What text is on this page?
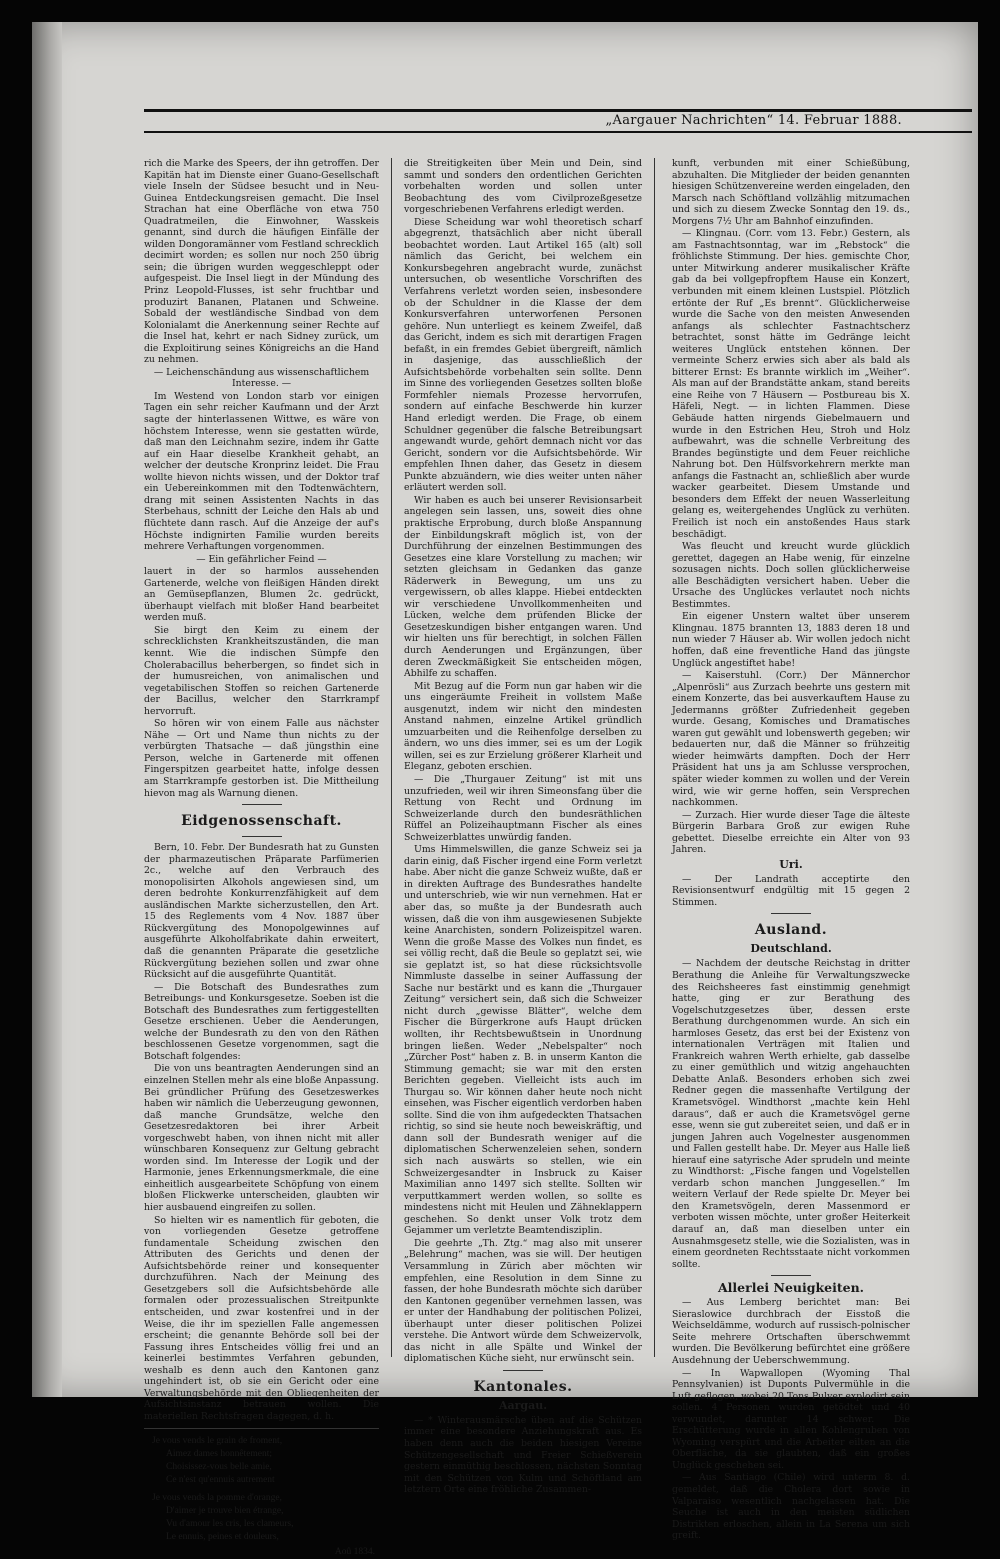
„Aargauer Nachrichten“ 14. Februar 1888.

rich die Marke des Speers, der ihn getroffen. Der Kapitän hat im Dienste einer Guano-Gesellschaft viele Inseln der Südsee besucht und in Neu-Guinea Entdeckungsreisen gemacht. Die Insel Strachan hat eine Oberfläche von etwa 750 Quadratmeilen, die Einwohner, Wasskeis genannt, sind durch die häufigen Einfälle der wilden Dongoramänner vom Festland schrecklich decimirt worden; es sollen nur noch 250 übrig sein; die übrigen wurden weggeschleppt oder aufgespeist. Die Insel liegt in der Mündung des Prinz Leopold-Flusses, ist sehr fruchtbar und produzirt Bananen, Platanen und Schweine. Sobald der westländische Sindbad von dem Kolonialamt die Anerkennung seiner Rechte auf die Insel hat, kehrt er nach Sidney zurück, um die Exploitirung seines Königreichs an die Hand zu nehmen.

— Leichenschändung aus wissenschaftlichem Interesse. —

Im Westend von London starb vor einigen Tagen ein sehr reicher Kaufmann und der Arzt sagte der hinterlassenen Wittwe, es wäre von höchstem Interesse, wenn sie gestatten würde, daß man den Leichnahm sezire, indem ihr Gatte auf ein Haar dieselbe Krankheit gehabt, an welcher der deutsche Kronprinz leidet. Die Frau wollte hievon nichts wissen, und der Doktor traf ein Uebereinkommen mit den Todtenwächtern, drang mit seinen Assistenten Nachts in das Sterbehaus, schnitt der Leiche den Hals ab und flüchtete dann rasch. Auf die Anzeige der auf's Höchste indignirten Familie wurden bereits mehrere Verhaftungen vorgenommen.

— Ein gefährlicher Feind —

lauert in der so harmlos aussehenden Gartenerde, welche von fleißigen Händen direkt an Gemüsepflanzen, Blumen 2c. gedrückt, überhaupt vielfach mit bloßer Hand bearbeitet werden muß.

Sie birgt den Keim zu einem der schrecklichsten Krankheitszuständen, die man kennt. Wie die indischen Sümpfe den Cholerabacillus beherbergen, so findet sich in der humusreichen, von animalischen und vegetabilischen Stoffen so reichen Gartenerde der Bacillus, welcher den Starrkrampf hervorruft.

So hören wir von einem Falle aus nächster Nähe — Ort und Name thun nichts zu der verbürgten Thatsache — daß jüngsthin eine Person, welche in Gartenerde mit offenen Fingerspitzen gearbeitet hatte, infolge dessen am Starrkrampfe gestorben ist. Die Mittheilung hievon mag als Warnung dienen.

Eidgenossenschaft.

Bern, 10. Febr. Der Bundesrath hat zu Gunsten der pharmazeutischen Präparate Parfümerien 2c., welche auf den Verbrauch des monopolisirten Alkohols angewiesen sind, um deren bedrohte Konkurrenzfähigkeit auf dem ausländischen Markte sicherzustellen, den Art. 15 des Reglements vom 4 Nov. 1887 über Rückvergütung des Monopolgewinnes auf ausgeführte Alkoholfabrikate dahin erweitert, daß die genannten Präparate die gesetzliche Rückvergütung beziehen sollen und zwar ohne Rücksicht auf die ausgeführte Quantität.

— Die Botschaft des Bundesrathes zum Betreibungs- und Konkursgesetze. Soeben ist die Botschaft des Bundesrathes zum fertiggestellten Gesetze erschienen. Ueber die Aenderungen, welche der Bundesrath zu den von den Räthen beschlossenen Gesetze vorgenommen, sagt die Botschaft folgendes:

Die von uns beantragten Aenderungen sind an einzelnen Stellen mehr als eine bloße Anpassung. Bei gründlicher Prüfung des Gesetzeswerkes haben wir nämlich die Ueberzeugung gewonnen, daß manche Grundsätze, welche den Gesetzesredaktoren bei ihrer Arbeit vorgeschwebt haben, von ihnen nicht mit aller wünschbaren Konsequenz zur Geltung gebracht worden sind. Im Interesse der Logik und der Harmonie, jenes Erkennungsmerkmale, die eine einheitlich ausgearbeitete Schöpfung von einem bloßen Flickwerke unterscheiden, glaubten wir hier ausbauend eingreifen zu sollen.

So hielten wir es namentlich für geboten, die von vorliegenden Gesetze getroffene fundamentale Scheidung zwischen den Attributen des Gerichts und denen der Aufsichtsbehörde reiner und konsequenter durchzuführen. Nach der Meinung des Gesetzgebers soll die Aufsichtsbehörde alle formalen oder prozessualischen Streitpunkte entscheiden, und zwar kostenfrei und in der Weise, die ihr im speziellen Falle angemessen erscheint; die genannte Behörde soll bei der Fassung ihres Entscheides völlig frei und an keinerlei bestimmtes Verfahren gebunden, weshalb es denn auch den Kantonen ganz ungehindert ist, ob sie ein Gericht oder eine Verwaltungsbehörde mit den Obliegenheiten der Aufsichtsinstanz betrauen wollen. Die materiellen Rechtsfragen dagegen, d. h.

Je vous vends le grain de froment,
Aimez dames honnêtement;
Choisissez-vous belle amie,
Ce n'est qu'ennuis autrement
Je vous vends la pomme d'orange,
D'aimer je trouve bien étrange,
Vu d'amour les cris, les clameurs,
Le ennuis, peines et douleurs,
Aoû 1834.

die Streitigkeiten über Mein und Dein, sind sammt und sonders den ordentlichen Gerichten vorbehalten worden und sollen unter Beobachtung des vom Civilprozeßgesetze vorgeschriebenen Verfahrens erledigt werden.

Diese Scheidung war wohl theoretisch scharf abgegrenzt, thatsächlich aber nicht überall beobachtet worden. Laut Artikel 165 (alt) soll nämlich das Gericht, bei welchem ein Konkursbegehren angebracht wurde, zunächst untersuchen, ob wesentliche Vorschriften des Verfahrens verletzt worden seien, insbesondere ob der Schuldner in die Klasse der dem Konkursverfahren unterworfenen Personen gehöre. Nun unterliegt es keinem Zweifel, daß das Gericht, indem es sich mit derartigen Fragen befaßt, in ein fremdes Gebiet übergreift, nämlich in dasjenige, das ausschließlich der Aufsichtsbehörde vorbehalten sein sollte. Denn im Sinne des vorliegenden Gesetzes sollten bloße Formfehler niemals Prozesse hervorrufen, sondern auf einfache Beschwerde hin kurzer Hand erledigt werden. Die Frage, ob einem Schuldner gegenüber die falsche Betreibungsart angewandt wurde, gehört demnach nicht vor das Gericht, sondern vor die Aufsichtsbehörde. Wir empfehlen Ihnen daher, das Gesetz in diesem Punkte abzuändern, wie dies weiter unten näher erläutert werden soll.

Wir haben es auch bei unserer Revisionsarbeit angelegen sein lassen, uns, soweit dies ohne praktische Erprobung, durch bloße Anspannung der Einbildungskraft möglich ist, von der Durchführung der einzelnen Bestimmungen des Gesetzes eine klare Vorstellung zu machen; wir setzten gleichsam in Gedanken das ganze Räderwerk in Bewegung, um uns zu vergewissern, ob alles klappe. Hiebei entdeckten wir verschiedene Unvollkommenheiten und Lücken, welche dem prüfenden Blicke der Gesetzeskundigen bisher entgangen waren. Und wir hielten uns für berechtigt, in solchen Fällen durch Aenderungen und Ergänzungen, über deren Zweckmäßigkeit Sie entscheiden mögen, Abhilfe zu schaffen.

Mit Bezug auf die Form nun gar haben wir die uns eingeräumte Freiheit in vollstem Maße ausgenutzt, indem wir nicht den mindesten Anstand nahmen, einzelne Artikel gründlich umzuarbeiten und die Reihenfolge derselben zu ändern, wo uns dies immer, sei es um der Logik willen, sei es zur Erzielung größerer Klarheit und Eleganz, geboten erschien.

— Die „Thurgauer Zeitung“ ist mit uns unzufrieden, weil wir ihren Simeonsfang über die Rettung von Recht und Ordnung im Schweizerlande durch den bundesräthlichen Rüffel an Polizeihauptmann Fischer als eines Schweizerblattes unwürdig fanden.

Ums Himmelswillen, die ganze Schweiz sei ja darin einig, daß Fischer irgend eine Form verletzt habe. Aber nicht die ganze Schweiz wußte, daß er in direkten Auftrage des Bundesrathes handelte und unterschrieb, wie wir nun vernehmen. Hat er aber das, so mußte ja der Bundesrath auch wissen, daß die von ihm ausgewiesenen Subjekte keine Anarchisten, sondern Polizeispitzel waren. Wenn die große Masse des Volkes nun findet, es sei völlig recht, daß die Beule so geplatzt sei, wie sie geplatzt ist, so hat diese rücksichtsvolle Nimmluste dasselbe in seiner Auffassung der Sache nur bestärkt und es kann die „Thurgauer Zeitung“ versichert sein, daß sich die Schweizer nicht durch „gewisse Blätter“, welche dem Fischer die Bürgerkrone aufs Haupt drücken wollten, ihr Rechtsbewußtsein in Unordnung bringen ließen. Weder „Nebelspalter“ noch „Zürcher Post“ haben z. B. in unserm Kanton die Stimmung gemacht; sie war mit den ersten Berichten gegeben. Vielleicht ists auch im Thurgau so. Wir können daher heute noch nicht einsehen, was Fischer eigentlich verdorben haben sollte. Sind die von ihm aufgedeckten Thatsachen richtig, so sind sie heute noch beweiskräftig, und dann soll der Bundesrath weniger auf die diplomatischen Scherwenzeleien sehen, sondern sich nach auswärts so stellen, wie ein Schweizergesandter in Insbruck zu Kaiser Maximilian anno 1497 sich stellte. Sollten wir verputtkammert werden wollen, so sollte es mindestens nicht mit Heulen und Zähneklappern geschehen. So denkt unser Volk trotz dem Gejammer um verletzte Beamtendisziplin.

Die geehrte „Th. Ztg.“ mag also mit unserer „Belehrung“ machen, was sie will. Der heutigen Versammlung in Zürich aber möchten wir empfehlen, eine Resolution in dem Sinne zu fassen, der hohe Bundesrath möchte sich darüber den Kantonen gegenüber vernehmen lassen, was er unter der Handhabung der politischen Polizei, überhaupt unter dieser politischen Polizei verstehe. Die Antwort würde dem Schweizervolk, das nicht in alle Spälte und Winkel der diplomatischen Küche sieht, nur erwünscht sein.

Kantonales.
Aargau.

— * Winterausmärsche üben auf die Schützen immer eine besondere Anziehungskraft aus. Es haben denn auch die beiden hiesigen Vereine Schützengesellschaft und Freier Schießverein gestern einmüthig beschlossen, nächsten Sonntag mit den Schützen von Kulm und Schöftland am letztern Orte eine fröhliche Zusammen-

kunft, verbunden mit einer Schießübung, abzuhalten. Die Mitglieder der beiden genannten hiesigen Schützenvereine werden eingeladen, den Marsch nach Schöftland vollzählig mitzumachen und sich zu diesem Zwecke Sonntag den 19. ds., Morgens 7½ Uhr am Bahnhof einzufinden.

— Klingnau. (Corr. vom 13. Febr.) Gestern, als am Fastnachtsonntag, war im „Rebstock“ die fröhlichste Stimmung. Der hies. gemischte Chor, unter Mitwirkung anderer musikalischer Kräfte gab da bei vollgepfropftem Hause ein Konzert, verbunden mit einem kleinen Lustspiel. Plötzlich ertönte der Ruf „Es brennt“. Glücklicherweise wurde die Sache von den meisten Anwesenden anfangs als schlechter Fastnachtscherz betrachtet, sonst hätte im Gedränge leicht weiteres Unglück entstehen können. Der vermeinte Scherz erwies sich aber als bald als bitterer Ernst: Es brannte wirklich im „Weiher“. Als man auf der Brandstätte ankam, stand bereits eine Reihe von 7 Häusern — Postbureau bis X. Häfeli, Negt. — in lichten Flammen. Diese Gebäude hatten nirgends Giebelmauern und wurde in den Estrichen Heu, Stroh und Holz aufbewahrt, was die schnelle Verbreitung des Brandes begünstigte und dem Feuer reichliche Nahrung bot. Den Hülfsvorkehrern merkte man anfangs die Fastnacht an, schließlich aber wurde wacker gearbeitet. Diesem Umstande und besonders dem Effekt der neuen Wasserleitung gelang es, weitergehendes Unglück zu verhüten. Freilich ist noch ein anstoßendes Haus stark beschädigt.

Was fleucht und kreucht wurde glücklich gerettet, dagegen an Habe wenig, für einzelne sozusagen nichts. Doch sollen glücklicherweise alle Beschädigten versichert haben. Ueber die Ursache des Unglückes verlautet noch nichts Bestimmtes.

Ein eigener Unstern waltet über unserem Klingnau. 1875 brannten 13, 1883 deren 18 und nun wieder 7 Häuser ab. Wir wollen jedoch nicht hoffen, daß eine freventliche Hand das jüngste Unglück angestiftet habe!

— Kaiserstuhl. (Corr.) Der Männerchor „Alpenrösli“ aus Zurzach beehrte uns gestern mit einem Konzerte, das bei ausverkauftem Hause zu Jedermanns größter Zufriedenheit gegeben wurde. Gesang, Komisches und Dramatisches waren gut gewählt und lobenswerth gegeben; wir bedauerten nur, daß die Männer so frühzeitig wieder heimwärts dampften. Doch der Herr Präsident hat uns ja am Schlusse versprochen, später wieder kommen zu wollen und der Verein wird, wie wir gerne hoffen, sein Versprechen nachkommen.

— Zurzach. Hier wurde dieser Tage die älteste Bürgerin Barbara Groß zur ewigen Ruhe gebettet. Dieselbe erreichte ein Alter von 93 Jahren.

Uri.

— Der Landrath acceptirte den Revisionsentwurf endgültig mit 15 gegen 2 Stimmen.

Ausland.
Deutschland.

— Nachdem der deutsche Reichstag in dritter Berathung die Anleihe für Verwaltungszwecke des Reichsheeres fast einstimmig genehmigt hatte, ging er zur Berathung des Vogelschutzgesetzes über, dessen erste Berathung durchgenommen wurde. An sich ein harmloses Gesetz, das erst bei der Existenz von internationalen Verträgen mit Italien und Frankreich wahren Werth erhielte, gab dasselbe zu einer gemüthlich und witzig angehauchten Debatte Anlaß. Besonders erhoben sich zwei Redner gegen die massenhafte Vertilgung der Krametsvögel. Windthorst „machte kein Hehl daraus“, daß er auch die Krametsvögel gerne esse, wenn sie gut zubereitet seien, und daß er in jungen Jahren auch Vogelnester ausgenommen und Fallen gestellt habe. Dr. Meyer aus Halle ließ hierauf eine satyrische Ader sprudeln und meinte zu Windthorst: „Fische fangen und Vogelstellen verdarb schon manchen Junggesellen.“ Im weitern Verlauf der Rede spielte Dr. Meyer bei den Krametsvögeln, deren Massenmord er verboten wissen möchte, unter großer Heiterkeit darauf an, daß man dieselben unter ein Ausnahmsgesetz stelle, wie die Sozialisten, was in einem geordneten Rechtsstaate nicht vorkommen sollte.

Allerlei Neuigkeiten.

— Aus Lemberg berichtet man: Bei Sieraslowice durchbrach der Eisstoß die Weichseldämme, wodurch auf russisch-polnischer Seite mehrere Ortschaften überschwemmt wurden. Die Bevölkerung befürchtet eine größere Ausdehnung der Ueberschwemmung.

— In Wapwallopen (Wyoming Thal Pennsylvanien) ist Duponts Pulvermühle in die Luft geflogen, wobei 20 Tons Pulver explodirt sein sollen. 4 Personen wurden getödtet und 40 verwundet, darunter 14 schwer. Die Erschütterung wurde in allen Kohlengruben von Wyoming verspürt und die Arbeiter eilten an die Oberfläche, da sie glaubten, daß ein großes Unglück geschehen sei.

— Aus Santiago (Chile) wird unterm 8. d. gemeldet, daß die Cholera dort sowie in Valparaiso wesentlich nachgelassen hat. Die Seuche ist auch in den meisten südlichen Distrikten erloschen, allein in La Serena um sich greift.
